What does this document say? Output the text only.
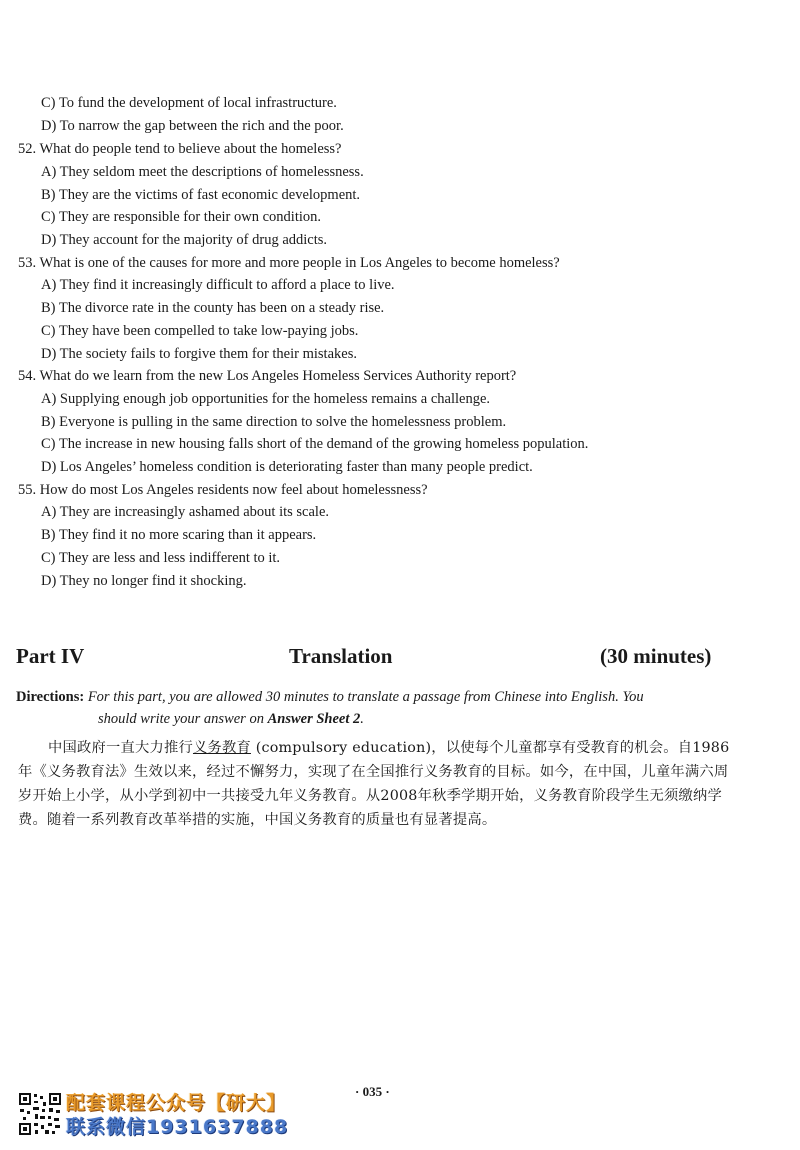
C) To fund the development of local infrastructure.
D) To narrow the gap between the rich and the poor.
52. What do people tend to believe about the homeless?
A) They seldom meet the descriptions of homelessness.
B) They are the victims of fast economic development.
C) They are responsible for their own condition.
D) They account for the majority of drug addicts.
53. What is one of the causes for more and more people in Los Angeles to become homeless?
A) They find it increasingly difficult to afford a place to live.
B) The divorce rate in the county has been on a steady rise.
C) They have been compelled to take low-paying jobs.
D) The society fails to forgive them for their mistakes.
54. What do we learn from the new Los Angeles Homeless Services Authority report?
A) Supplying enough job opportunities for the homeless remains a challenge.
B) Everyone is pulling in the same direction to solve the homelessness problem.
C) The increase in new housing falls short of the demand of the growing homeless population.
D) Los Angeles’ homeless condition is deteriorating faster than many people predict.
55. How do most Los Angeles residents now feel about homelessness?
A) They are increasingly ashamed about its scale.
B) They find it no more scaring than it appears.
C) They are less and less indifferent to it.
D) They no longer find it shocking.
Part IV	Translation	(30 minutes)
Directions: For this part, you are allowed 30 minutes to translate a passage from Chinese into English. You
should write your answer on Answer Sheet 2.
中国政府一直大力推行义务教育 (compulsory education)，以使每个儿童都享有受教育的机会。自1986年《义务教育法》生效以来，经过不懈努力，实现了在全国推行义务教育的目标。如今，在中国，儿童年满六周岁开始上小学，从小学到初中一共接受九年义务教育。从2008年秋季学期开始，义务教育阶段学生无须缴纳学费。随着一系列教育改革举措的实施，中国义务教育的质量也有显著提高。
· 035 ·
配套课程公众号【研大】
联系微信1931637888
